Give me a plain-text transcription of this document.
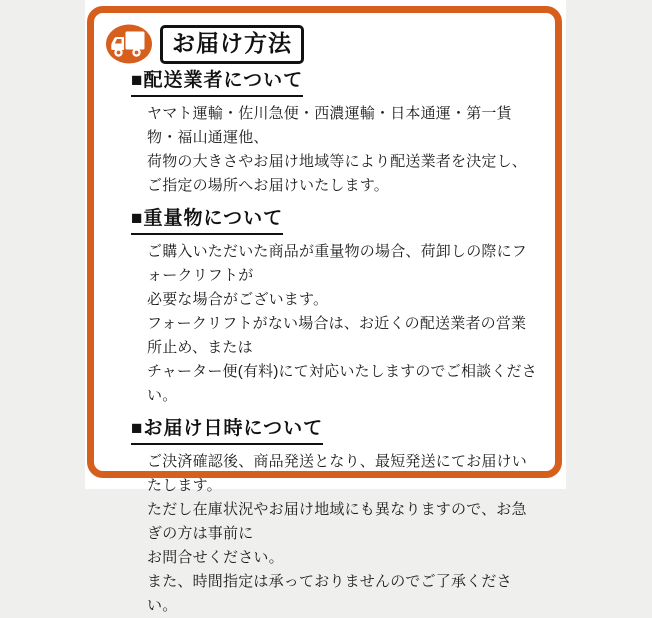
お届け方法
■配送業者について
ヤマト運輸・佐川急便・西濃運輸・日本通運・第一貨物・福山通運他、
荷物の大きさやお届け地域等により配送業者を決定し、
ご指定の場所へお届けいたします。
■重量物について
ご購入いただいた商品が重量物の場合、荷卸しの際にフォークリフトが
必要な場合がございます。
フォークリフトがない場合は、お近くの配送業者の営業所止め、または
チャーター便(有料)にて対応いたしますのでご相談ください。
■お届け日時について
ご決済確認後、商品発送となり、最短発送にてお届けいたします。
ただし在庫状況やお届け地域にも異なりますので、お急ぎの方は事前に
お問合せください。
また、時間指定は承っておりませんのでご了承ください。
